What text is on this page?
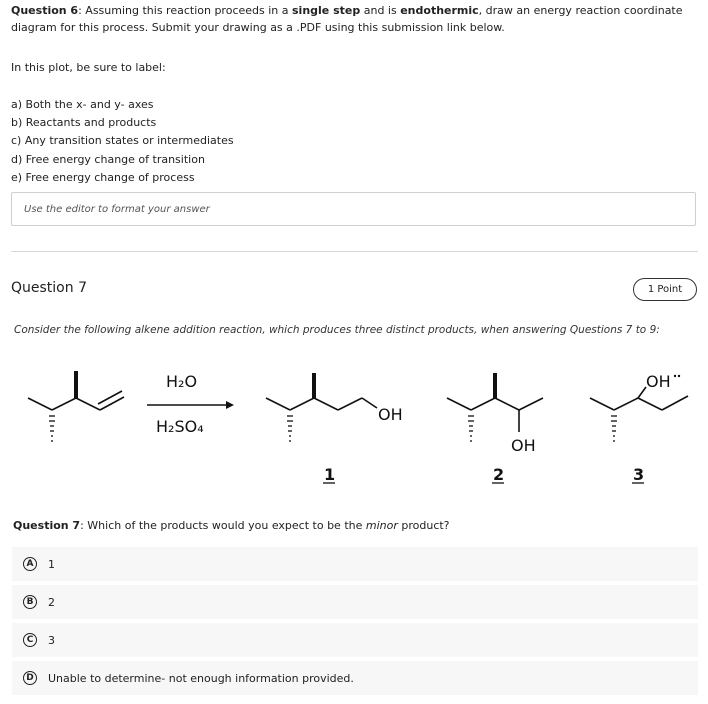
Question 6: Assuming this reaction proceeds in a single step and is endothermic, draw an energy reaction coordinate diagram for this process. Submit your drawing as a .PDF using this submission link below.

In this plot, be sure to label:

a) Both the x- and y- axes

b) Reactants and products

c) Any transition states or intermediates

d) Free energy change of transition

e) Free energy change of process

Use the editor to format your answer
Question 7	1 Point
Consider the following alkene addition reaction, which produces three distinct products, when answering Questions 7 to 9:
H₂O
H₂SO₄
OH
OH
OH
1	2	3
Question 7: Which of the products would you expect to be the minor product?
A	1
B	2
C	3
D Unable to determine- not enough information provided.
